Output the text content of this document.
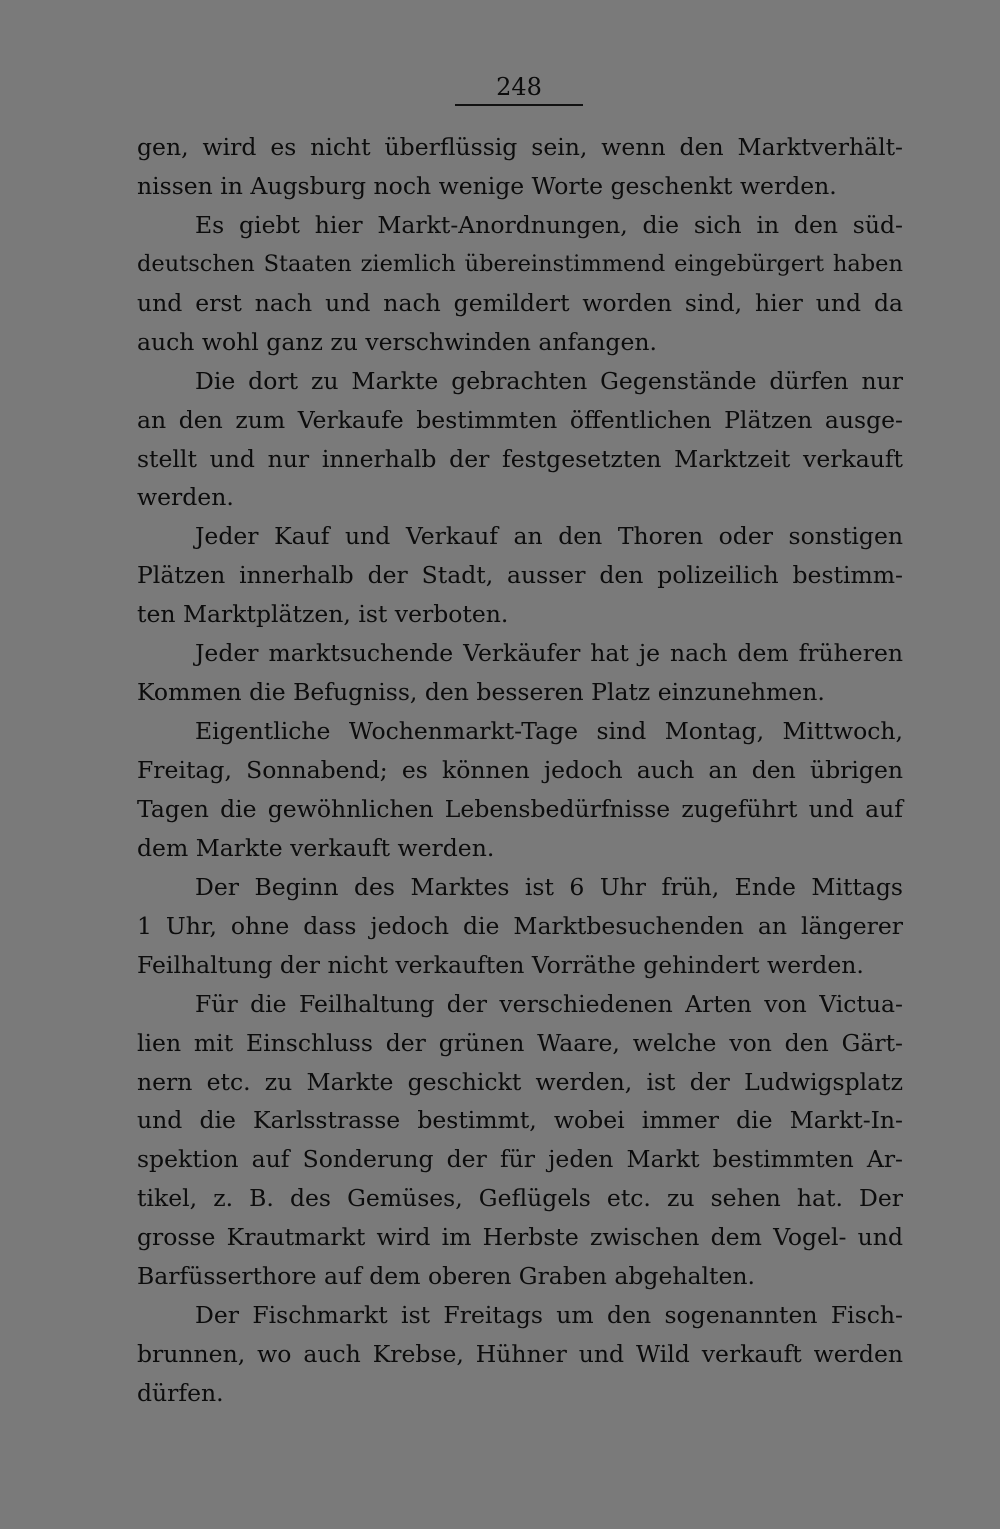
248
gen, wird es nicht überflüssig sein, wenn den Marktverhält-
nissen in Augsburg noch wenige Worte geschenkt werden.
Es giebt hier Markt-Anordnungen, die sich in den süd-
deutschen Staaten ziemlich übereinstimmend eingebürgert haben
und erst nach und nach gemildert worden sind, hier und da
auch wohl ganz zu verschwinden anfangen.
Die dort zu Markte gebrachten Gegenstände dürfen nur
an den zum Verkaufe bestimmten öffentlichen Plätzen ausge-
stellt und nur innerhalb der festgesetzten Marktzeit verkauft
werden.
Jeder Kauf und Verkauf an den Thoren oder sonstigen
Plätzen innerhalb der Stadt, ausser den polizeilich bestimm-
ten Marktplätzen, ist verboten.
Jeder marktsuchende Verkäufer hat je nach dem früheren
Kommen die Befugniss, den besseren Platz einzunehmen.
Eigentliche Wochenmarkt-Tage sind Montag, Mittwoch,
Freitag, Sonnabend; es können jedoch auch an den übrigen
Tagen die gewöhnlichen Lebensbedürfnisse zugeführt und auf
dem Markte verkauft werden.
Der Beginn des Marktes ist 6 Uhr früh, Ende Mittags
1 Uhr, ohne dass jedoch die Marktbesuchenden an längerer
Feilhaltung der nicht verkauften Vorräthe gehindert werden.
Für die Feilhaltung der verschiedenen Arten von Victua-
lien mit Einschluss der grünen Waare, welche von den Gärt-
nern etc. zu Markte geschickt werden, ist der Ludwigsplatz
und die Karlsstrasse bestimmt, wobei immer die Markt-In-
spektion auf Sonderung der für jeden Markt bestimmten Ar-
tikel, z. B. des Gemüses, Geflügels etc. zu sehen hat. Der
grosse Krautmarkt wird im Herbste zwischen dem Vogel- und
Barfüsserthore auf dem oberen Graben abgehalten.
Der Fischmarkt ist Freitags um den sogenannten Fisch-
brunnen, wo auch Krebse, Hühner und Wild verkauft werden
dürfen.
